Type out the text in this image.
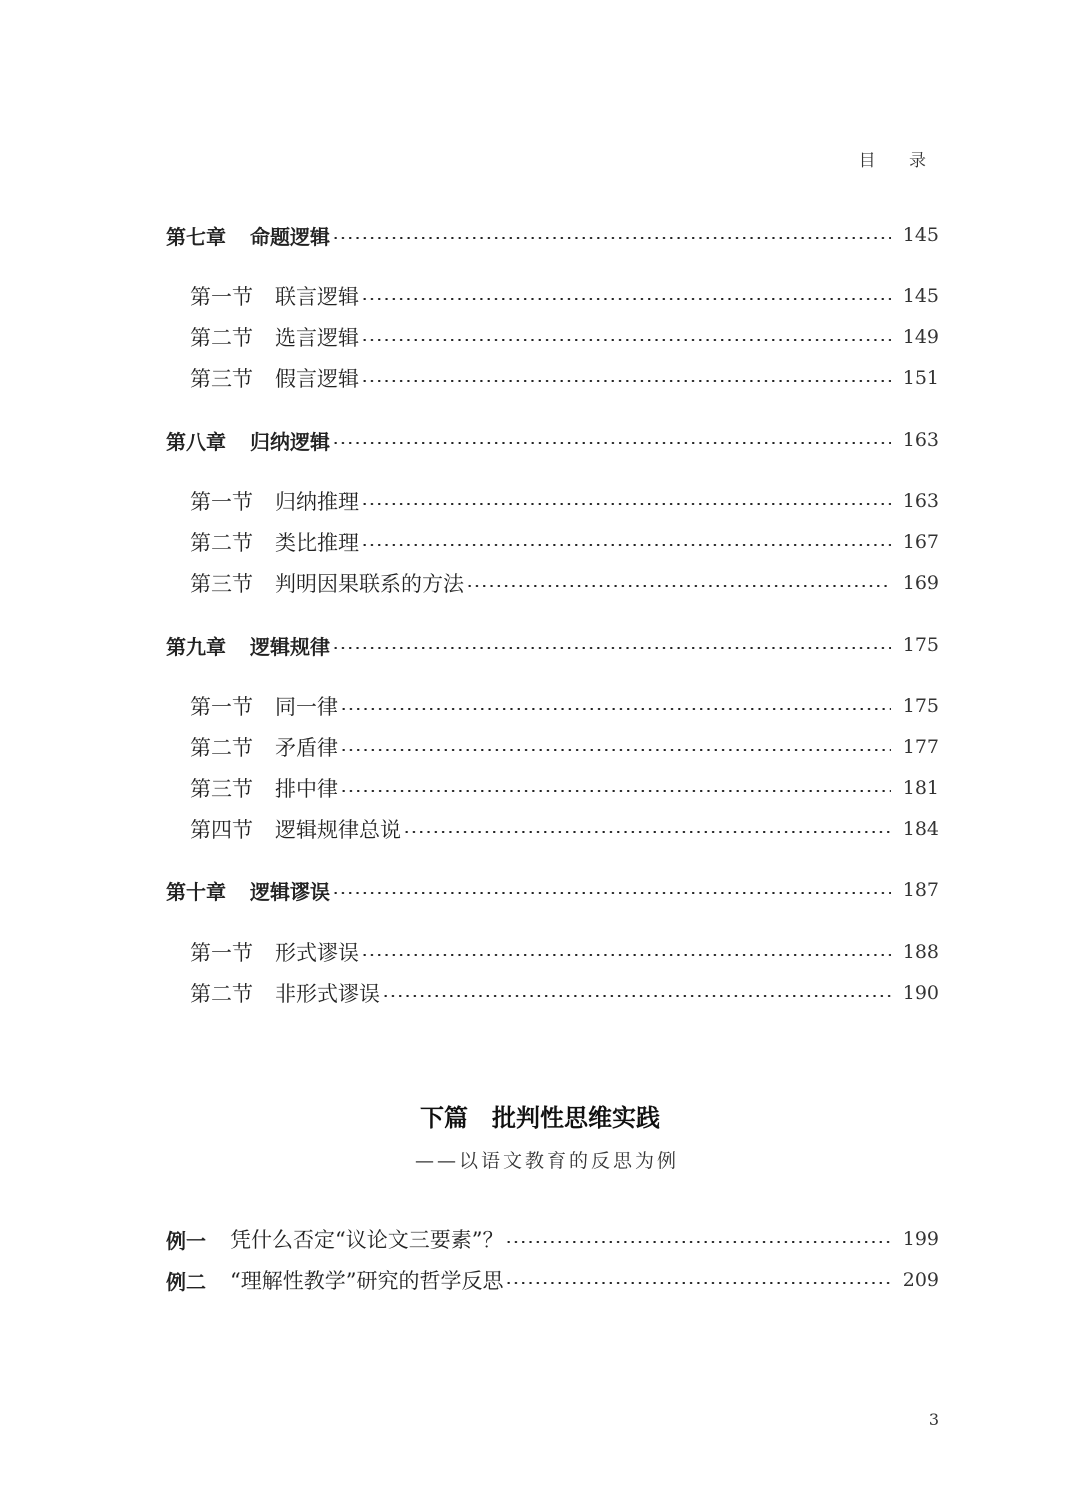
目 录
第七章 命题逻辑	145
第一节 联言逻辑	145
第二节 选言逻辑	149
第三节 假言逻辑	151
第八章 归纳逻辑	163
第一节 归纳推理	163
第二节 类比推理	167
第三节 判明因果联系的方法	169
第九章 逻辑规律	175
第一节 同一律	175
第二节 矛盾律	177
第三节 排中律	181
第四节 逻辑规律总说	184
第十章 逻辑谬误	187
第一节 形式谬误	188
第二节 非形式谬误	190
例一 凭什么否定“议论文三要素”？	199
例二 “理解性教学”研究的哲学反思	209
下篇 批判性思维实践
——以语文教育的反思为例
3
